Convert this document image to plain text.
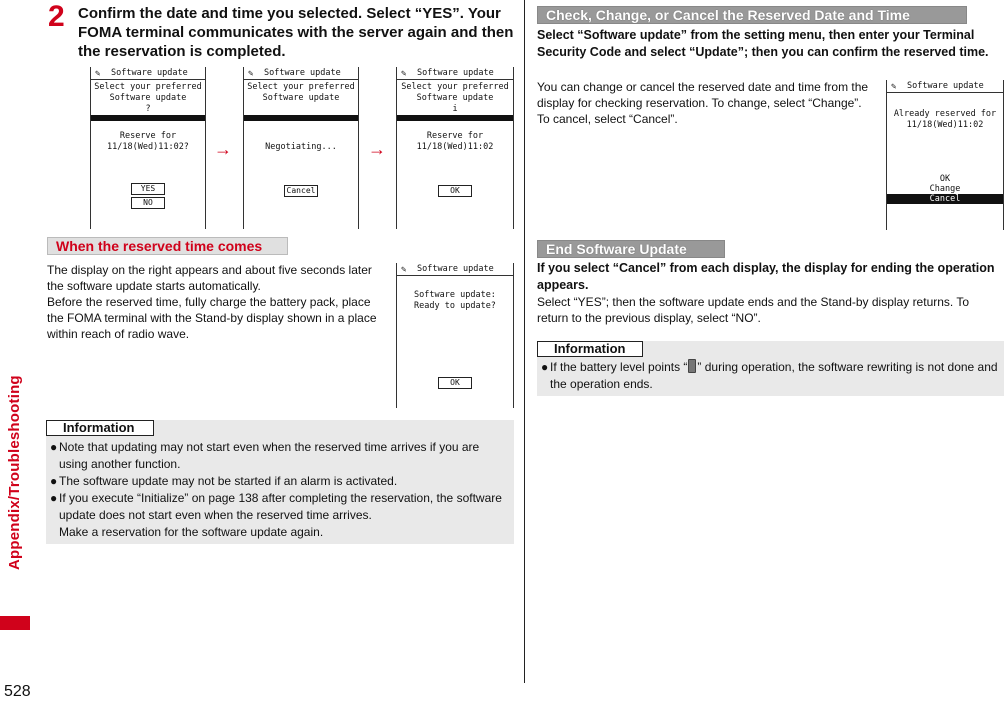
Appendix/Troubleshooting
528
2 Confirm the date and time you selected. Select “YES”. Your FOMA terminal communicates with the server again and then the reservation is completed.
✎ Software update
Select your preferred
Software update
?
Reserve for
11/18(Wed)11:02?
YES
NO
→
✎ Software update
Select your preferred
Software update
Negotiating...
Cancel
→
✎ Software update
Select your preferred
Software update
i
Reserve for
11/18(Wed)11:02
OK
When the reserved time comes
The display on the right appears and about five seconds later the software update starts automatically.
Before the reserved time, fully charge the battery pack, place the FOMA terminal with the Stand-by display shown in a place within reach of radio wave.
✎ Software update
Software update:
Ready to update?
OK
Information
● Note that updating may not start even when the reserved time arrives if you are using another function.
● The software update may not be started if an alarm is activated.
● If you execute “Initialize” on page 138 after completing the reservation, the software update does not start even when the reserved time arrives.
Make a reservation for the software update again.
Check, Change, or Cancel the Reserved Date and Time
Select “Software update” from the setting menu, then enter your Terminal Security Code and select “Update”; then you can confirm the reserved time.
You can change or cancel the reserved date and time from the display for checking reservation. To change, select “Change”. To cancel, select “Cancel”.
✎ Software update
Already reserved for
11/18(Wed)11:02
OK
Change
Cancel
End Software Update
If you select “Cancel” from each display, the display for ending the operation appears.
Select “YES”; then the software update ends and the Stand-by display returns. To return to the previous display, select “NO”.
Information
● If the battery level points “ ” during operation, the software rewriting is not done and the operation ends.
